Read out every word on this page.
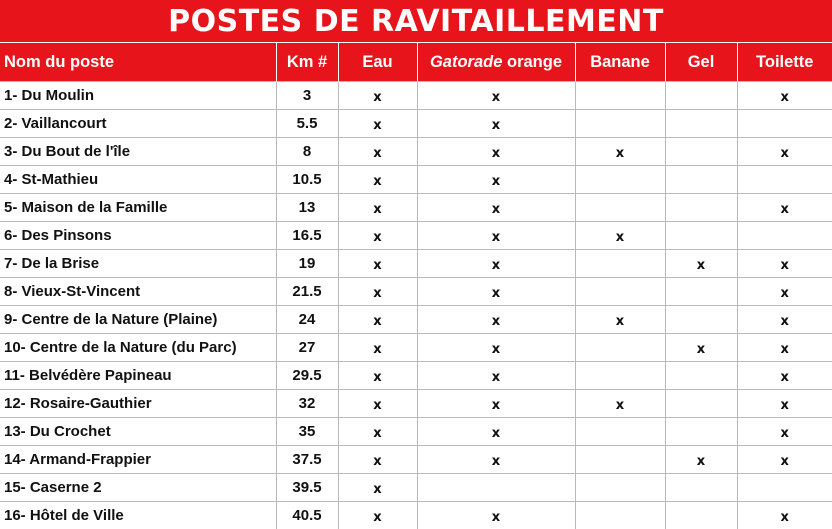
POSTES DE RAVITAILLEMENT
Nom du poste	Km #	Eau	Gatorade orange	Banane	Gel	Toilette
1- Du Moulin	3	x	x			x
2- Vaillancourt	5.5	x	x			
3- Du Bout de l'île	8	x	x	x		x
4- St-Mathieu	10.5	x	x			
5- Maison de la Famille	13	x	x			x
6- Des Pinsons	16.5	x	x	x		
7- De la Brise	19	x	x		x	x
8- Vieux-St-Vincent	21.5	x	x			x
9- Centre de la Nature (Plaine)	24	x	x	x		x
10- Centre de la Nature (du Parc)	27	x	x		x	x
11- Belvédère Papineau	29.5	x	x			x
12- Rosaire-Gauthier	32	x	x	x		x
13- Du Crochet	35	x	x			x
14- Armand-Frappier	37.5	x	x		x	x
15- Caserne 2	39.5	x				
16- Hôtel de Ville	40.5	x	x			x
